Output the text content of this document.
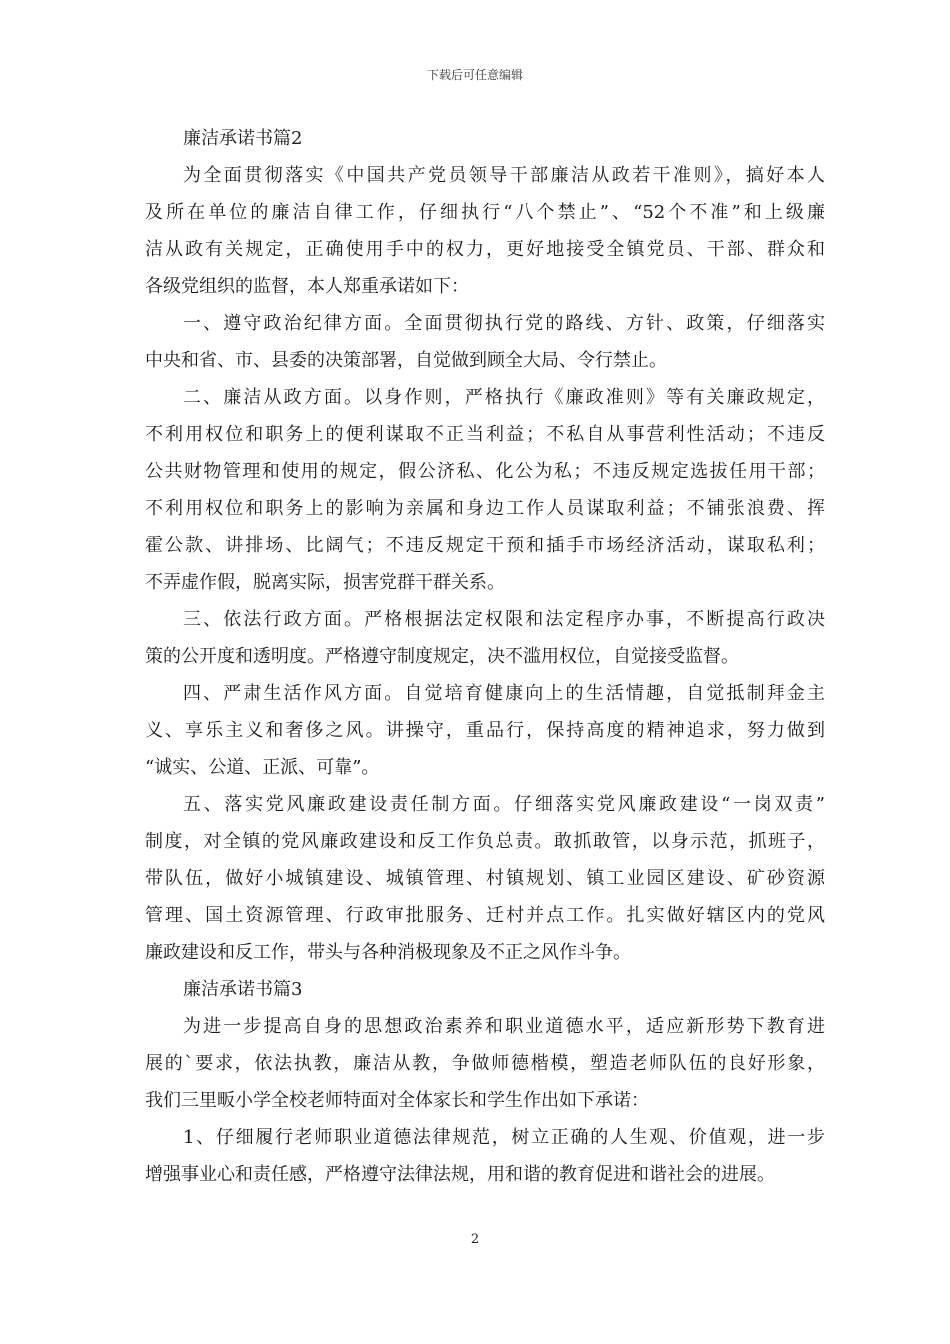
下载后可任意编辑
廉洁承诺书篇2
为全面贯彻落实《中国共产党员领导干部廉洁从政若干准则》，搞好本人
及所在单位的廉洁自律工作，仔细执行“八个禁止”、“52个不准”和上级廉
洁从政有关规定，正确使用手中的权力，更好地接受全镇党员、干部、群众和
各级党组织的监督，本人郑重承诺如下：
一、遵守政治纪律方面。全面贯彻执行党的路线、方针、政策，仔细落实
中央和省、市、县委的决策部署，自觉做到顾全大局、令行禁止。
二、廉洁从政方面。以身作则，严格执行《廉政准则》等有关廉政规定，
不利用权位和职务上的便利谋取不正当利益；不私自从事营利性活动；不违反
公共财物管理和使用的规定，假公济私、化公为私；不违反规定选拔任用干部；
不利用权位和职务上的影响为亲属和身边工作人员谋取利益；不铺张浪费、挥
霍公款、讲排场、比阔气；不违反规定干预和插手市场经济活动，谋取私利；
不弄虚作假，脱离实际，损害党群干群关系。
三、依法行政方面。严格根据法定权限和法定程序办事，不断提高行政决
策的公开度和透明度。严格遵守制度规定，决不滥用权位，自觉接受监督。
四、严肃生活作风方面。自觉培育健康向上的生活情趣，自觉抵制拜金主
义、享乐主义和奢侈之风。讲操守，重品行，保持高度的精神追求，努力做到
“诚实、公道、正派、可靠”。
五、落实党风廉政建设责任制方面。仔细落实党风廉政建设“一岗双责”
制度，对全镇的党风廉政建设和反工作负总责。敢抓敢管，以身示范，抓班子，
带队伍，做好小城镇建设、城镇管理、村镇规划、镇工业园区建设、矿砂资源
管理、国土资源管理、行政审批服务、迁村并点工作。扎实做好辖区内的党风
廉政建设和反工作，带头与各种消极现象及不正之风作斗争。
廉洁承诺书篇3
为进一步提高自身的思想政治素养和职业道德水平，适应新形势下教育进
展的`要求，依法执教，廉洁从教，争做师德楷模，塑造老师队伍的良好形象，
我们三里畈小学全校老师特面对全体家长和学生作出如下承诺：
1、仔细履行老师职业道德法律规范，树立正确的人生观、价值观，进一步
增强事业心和责任感，严格遵守法律法规，用和谐的教育促进和谐社会的进展。
2
